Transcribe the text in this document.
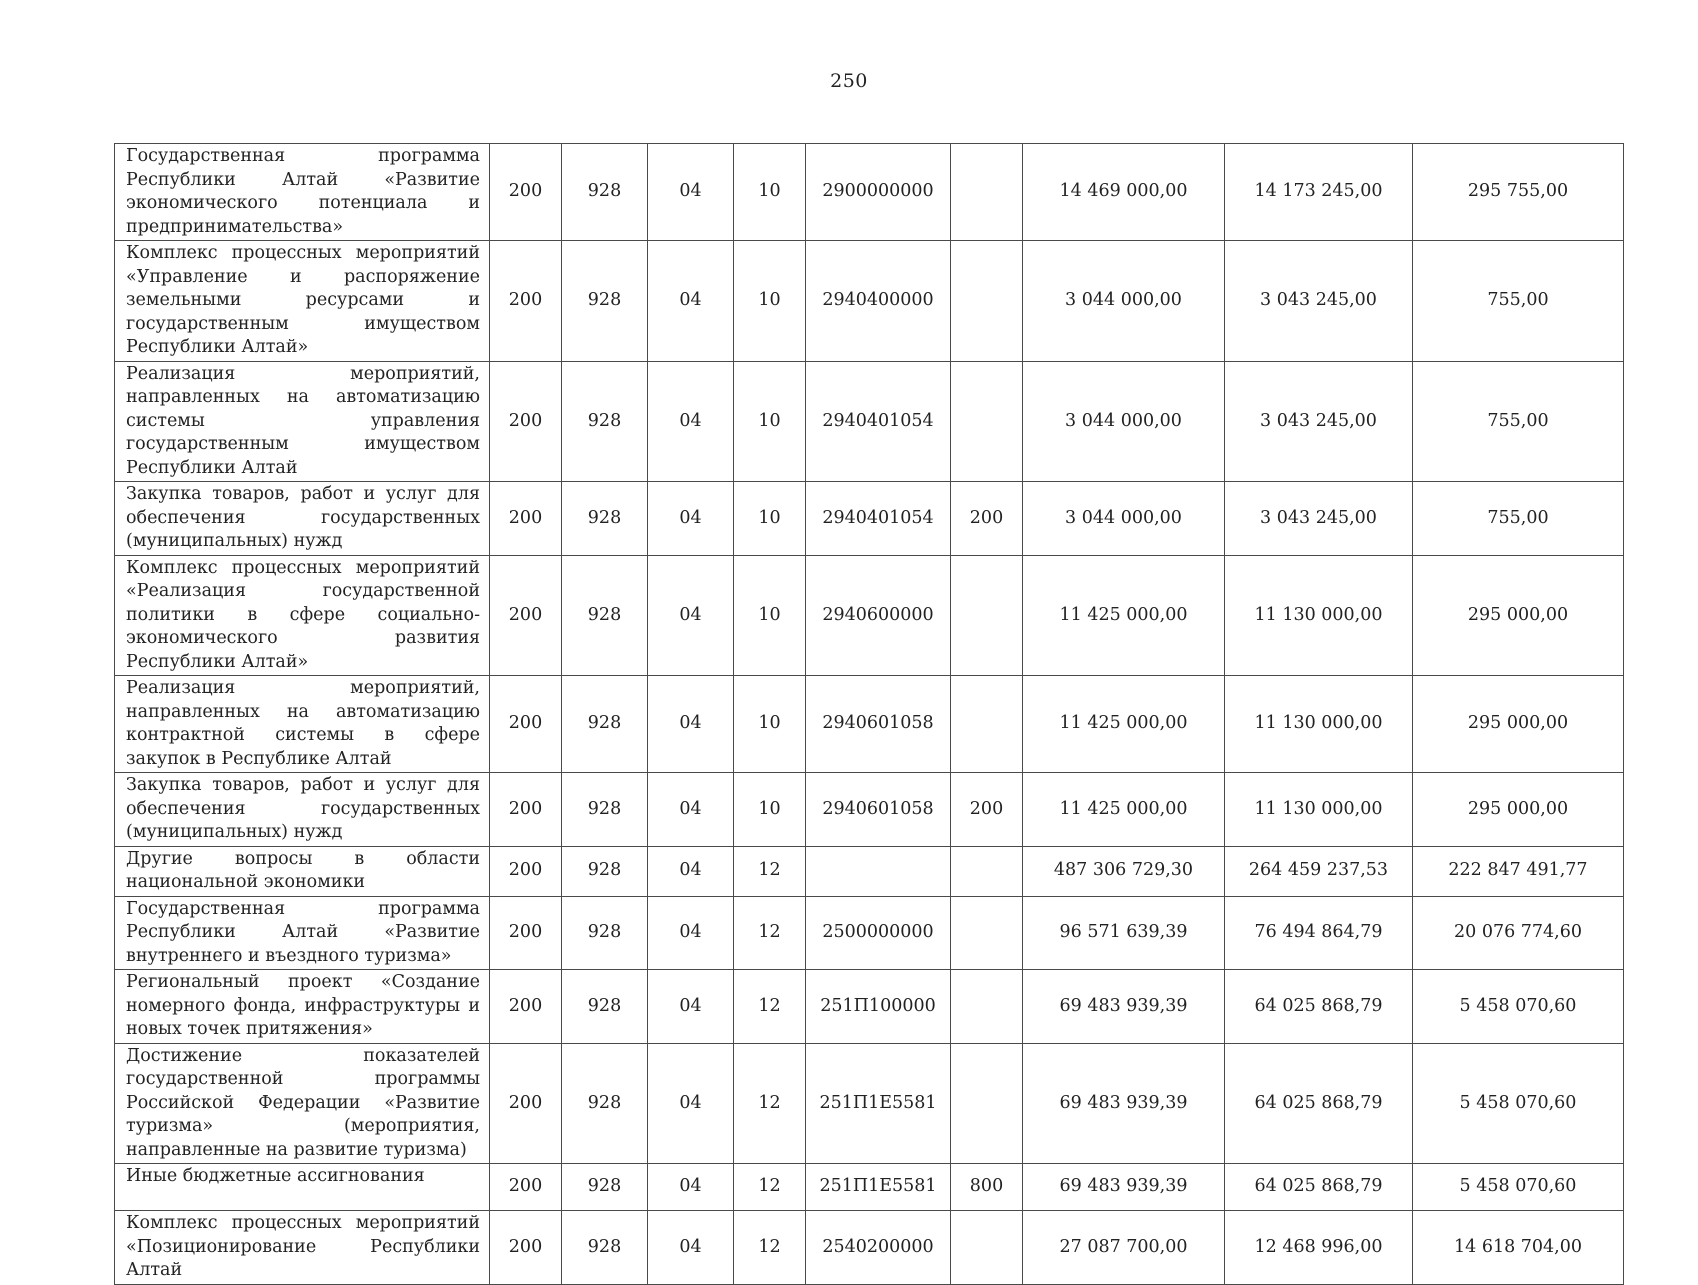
250
Государственная программа Республики Алтай «Развитие экономического потенциала и предпринимательства»	200	928	04	10	2900000000		14 469 000,00	14 173 245,00	295 755,00
Комплекс процессных мероприятий «Управление и распоряжение земельными ресурсами и государственным имуществом Республики Алтай»	200	928	04	10	2940400000		3 044 000,00	3 043 245,00	755,00
Реализация мероприятий, направленных на автоматизацию системы управления государственным имуществом Республики Алтай	200	928	04	10	2940401054		3 044 000,00	3 043 245,00	755,00
Закупка товаров, работ и услуг для обеспечения государственных (муниципальных) нужд	200	928	04	10	2940401054	200	3 044 000,00	3 043 245,00	755,00
Комплекс процессных мероприятий «Реализация государственной политики в сфере социально-экономического развития Республики Алтай»	200	928	04	10	2940600000		11 425 000,00	11 130 000,00	295 000,00
Реализация мероприятий, направленных на автоматизацию контрактной системы в сфере закупок в Республике Алтай	200	928	04	10	2940601058		11 425 000,00	11 130 000,00	295 000,00
Закупка товаров, работ и услуг для обеспечения государственных (муниципальных) нужд	200	928	04	10	2940601058	200	11 425 000,00	11 130 000,00	295 000,00
Другие вопросы в области национальной экономики	200	928	04	12			487 306 729,30	264 459 237,53	222 847 491,77
Государственная программа Республики Алтай «Развитие внутреннего и въездного туризма»	200	928	04	12	2500000000		96 571 639,39	76 494 864,79	20 076 774,60
Региональный проект «Создание номерного фонда, инфраструктуры и новых точек притяжения»	200	928	04	12	251П100000		69 483 939,39	64 025 868,79	5 458 070,60
Достижение показателей государственной программы Российской Федерации «Развитие туризма» (мероприятия, направленные на развитие туризма)	200	928	04	12	251П1Е5581		69 483 939,39	64 025 868,79	5 458 070,60
Иные бюджетные ассигнования	200	928	04	12	251П1Е5581	800	69 483 939,39	64 025 868,79	5 458 070,60
Комплекс процессных мероприятий «Позиционирование Республики Алтай	200	928	04	12	2540200000		27 087 700,00	12 468 996,00	14 618 704,00
